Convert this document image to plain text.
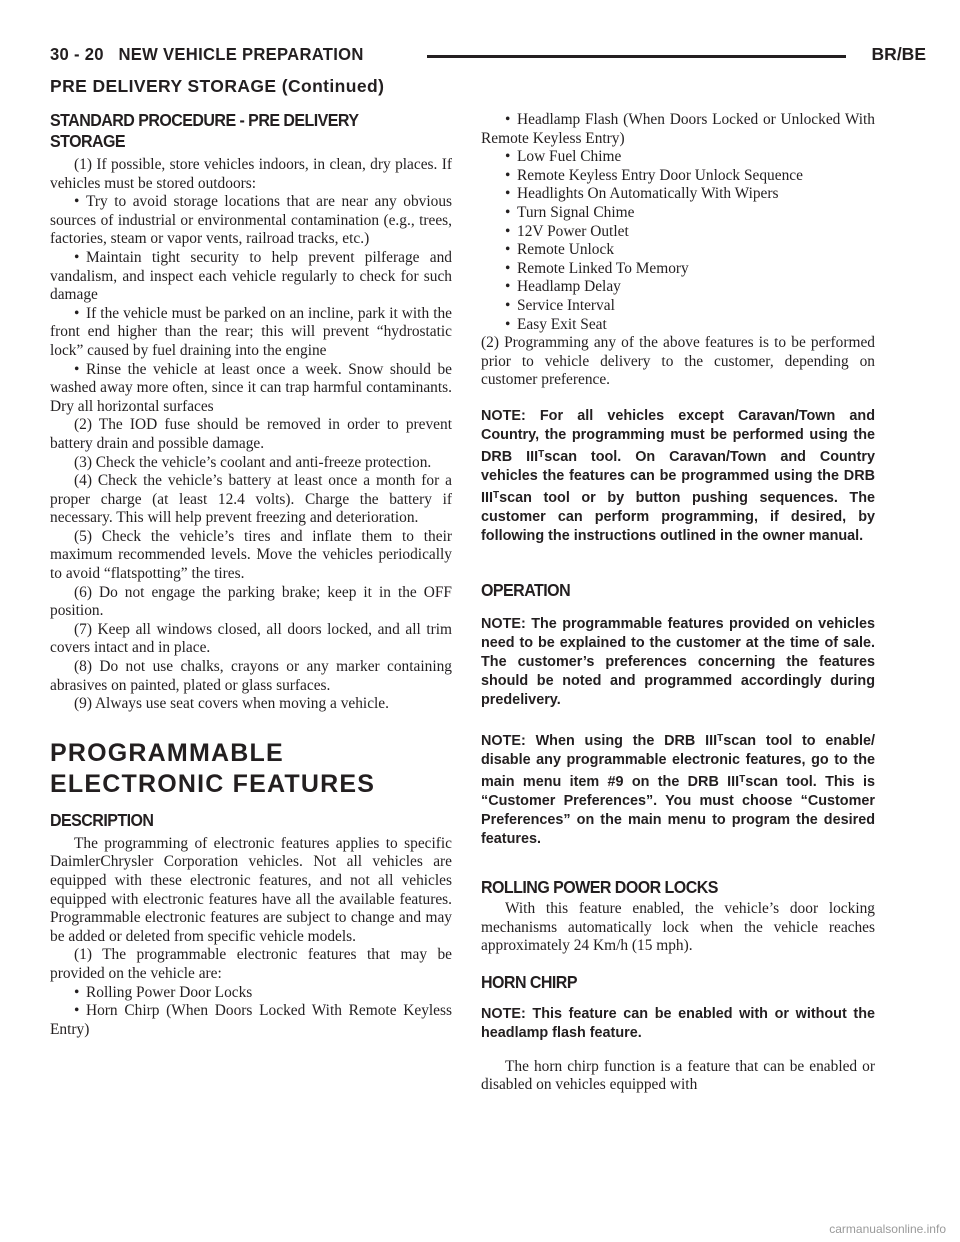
30 - 20 NEW VEHICLE PREPARATION	BR/BE
PRE DELIVERY STORAGE (Continued)

STANDARD PROCEDURE - PRE DELIVERY
STORAGE

(1) If possible, store vehicles indoors, in clean, dry places. If vehicles must be stored outdoors:

• Try to avoid storage locations that are near any obvious sources of industrial or environmental contamination (e.g., trees, factories, steam or vapor vents, railroad tracks, etc.)

• Maintain tight security to help prevent pilferage and vandalism, and inspect each vehicle regularly to check for such damage

• If the vehicle must be parked on an incline, park it with the front end higher than the rear; this will prevent “hydrostatic lock” caused by fuel draining into the engine

• Rinse the vehicle at least once a week. Snow should be washed away more often, since it can trap harmful contaminants. Dry all horizontal surfaces

(2) The IOD fuse should be removed in order to prevent battery drain and possible damage.

(3) Check the vehicle’s coolant and anti-freeze protection.

(4) Check the vehicle’s battery at least once a month for a proper charge (at least 12.4 volts). Charge the battery if necessary. This will help prevent freezing and deterioration.

(5) Check the vehicle’s tires and inflate them to their maximum recommended levels. Move the vehicles periodically to avoid “flatspotting” the tires.

(6) Do not engage the parking brake; keep it in the OFF position.

(7) Keep all windows closed, all doors locked, and all trim covers intact and in place.

(8) Do not use chalks, crayons or any marker containing abrasives on painted, plated or glass surfaces.

(9) Always use seat covers when moving a vehicle.

PROGRAMMABLE
ELECTRONIC FEATURES

DESCRIPTION

The programming of electronic features applies to specific DaimlerChrysler Corporation vehicles. Not all vehicles are equipped with these electronic features, and not all vehicles equipped with electronic features have all the available features. Programmable electronic features are subject to change and may be added or deleted from specific vehicle models.

(1) The programmable electronic features that may be provided on the vehicle are:

• Rolling Power Door Locks

• Horn Chirp (When Doors Locked With Remote Keyless Entry)

• Headlamp Flash (When Doors Locked or Unlocked With Remote Keyless Entry)

• Low Fuel Chime

• Remote Keyless Entry Door Unlock Sequence

• Headlights On Automatically With Wipers

• Turn Signal Chime

• 12V Power Outlet

• Remote Unlock

• Remote Linked To Memory

• Headlamp Delay

• Service Interval

• Easy Exit Seat

(2) Programming any of the above features is to be performed prior to vehicle delivery to the customer, depending on customer preference.

NOTE: For all vehicles except Caravan/Town and Country, the programming must be performed using the DRB $III^Tscan$ tool. On Caravan/Town and Country vehicles the features can be programmed using the DRB $III^Tscan$ tool or by button pushing sequences. The customer can perform programming, if desired, by following the instructions outlined in the owner manual.

OPERATION

NOTE: The programmable features provided on vehicles need to be explained to the customer at the time of sale. The customer’s preferences concerning the features should be noted and programmed accordingly during predelivery.

NOTE: When using the DRB $III^Tscan$ tool to enable/ disable any programmable electronic features, go to the main menu item #9 on the DRB $III^Tscan$ tool. This is “Customer Preferences”. You must choose “Customer Preferences” on the main menu to program the desired features.

ROLLING POWER DOOR LOCKS

With this feature enabled, the vehicle’s door locking mechanisms automatically lock when the vehicle reaches approximately 24 Km/h (15 mph).

HORN CHIRP

NOTE: This feature can be enabled with or without the headlamp flash feature.

The horn chirp function is a feature that can be enabled or disabled on vehicles equipped with

carmanualsonline.info
